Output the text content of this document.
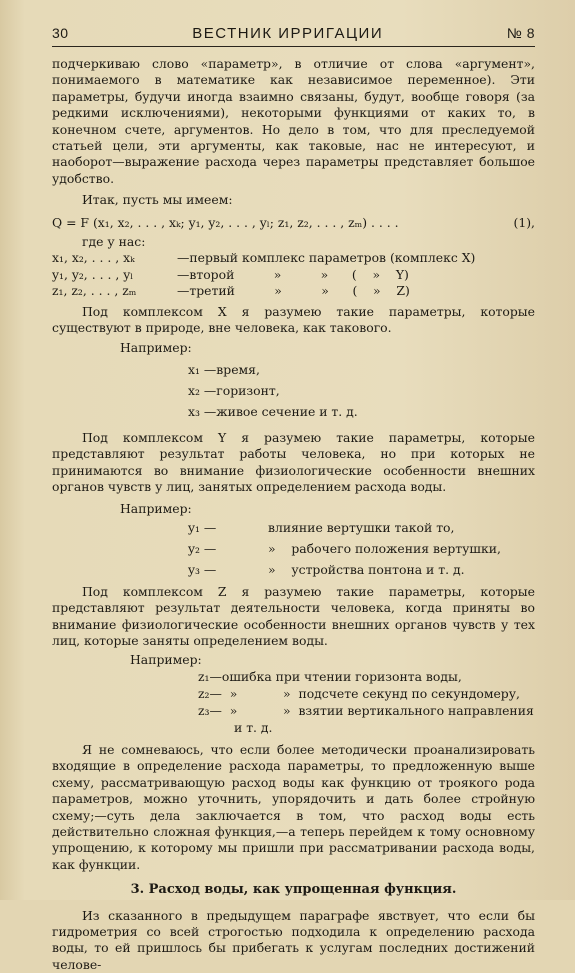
30	ВЕСТНИК ИРРИГАЦИИ	№ 8

подчеркиваю слово «параметр», в отличие от слова «аргумент», понимаемого в математике как независимое переменное). Эти параметры, будучи иногда взаимно связаны, будут, вообще говоря (за редкими исключениями), некоторыми функциями от каких то, в конечном счете, аргументов. Но дело в том, что для преследуемой статьей цели, эти аргументы, как таковые, нас не интересуют, и наоборот—выражение расхода через параметры представляет большое удобство.

Итак, пусть мы имеем:

Q = F (x₁, x₂, . . . , xₖ; y₁, y₂, . . . , yₗ; z₁, z₂, . . . , zₘ) . . . .	(1),

где у нас:

x₁, x₂, . . . , xₖ	—первый комплекс параметров (комплекс X)
y₁, y₂, . . . , yₗ	—второй          »          »      (    »    Y)
z₁, z₂, . . . , zₘ	—третий          »          »      (    »    Z)

Под комплексом X я разумею такие параметры, которые существуют в природе, вне человека, как такового.

Например:

x₁ —время,

x₂ —горизонт,

x₃ —живое сечение и т. д.

Под комплексом Y я разумею такие параметры, которые представляют результат работы человека, но при которых не принимаются во внимание физиологические особенности внешних органов чувств у лиц, занятых определением расхода воды.

Например:

y₁ —	влияние вертушки такой то,
y₂ —	»    рабочего положения вертушки,
y₃ —	»    устройства понтона и т. д.

Под комплексом Z я разумею такие параметры, которые представляют результат деятельности человека, когда приняты во внимание физиологические особенности внешних органов чувств у тех лиц, которые заняты определением воды.

Например:

z₁— ошибка при чтении горизонта воды,
z₂—  »	»  подсчете секунд по секундомеру,
z₃—  »	»  взятии вертикального направления

и т. д.

Я не сомневаюсь, что если более методически проанализировать входящие в определение расхода параметры, то предложенную выше схему, рассматривающую расход воды как функцию от троякого рода параметров, можно уточнить, упорядочить и дать более стройную схему;—суть дела заключается в том, что расход воды есть действительно сложная функция,—а теперь перейдем к тому основному упрощению, к которому мы пришли при рассматривании расхода воды, как функции.

3. Расход воды, как упрощенная функция.

Из сказанного в предыдущем параграфе явствует, что если бы гидрометрия со всей строгостью подходила к определению расхода воды, то ей пришлось бы прибегать к услугам последних достижений челове-
